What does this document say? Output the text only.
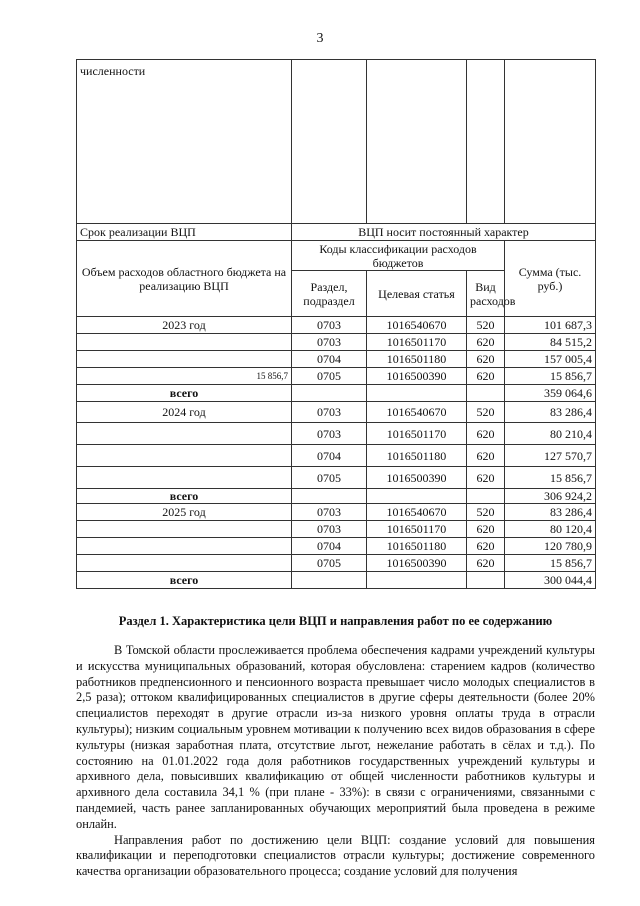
3
численности				
Срок реализации ВЦП	ВЦП носит постоянный характер			
Объем расходов областного бюджета на реализацию ВЦП	Коды классификации расходов бюджетов			Сумма (тыс. руб.)
	Раздел, подраздел	Целевая статья	Вид расходов	
2023 год	0703	1016540670	520	101 687,3
	0703	1016501170	620	84 515,2
	0704	1016501180	620	157 005,4
15 856,7	0705	1016500390	620	15 856,7
всего				359 064,6
2024 год	0703	1016540670	520	83 286,4
	0703	1016501170	620	80 210,4
	0704	1016501180	620	127 570,7
	0705	1016500390	620	15 856,7
всего				306 924,2
2025 год	0703	1016540670	520	83 286,4
	0703	1016501170	620	80 120,4
	0704	1016501180	620	120 780,9
	0705	1016500390	620	15 856,7
всего				300 044,4
Раздел 1. Характеристика цели ВЦП и направления работ по ее содержанию

В Томской области прослеживается проблема обеспечения кадрами учреждений культуры и искусства муниципальных образований, которая обусловлена: старением кадров (количество работников предпенсионного и пенсионного возраста превышает число молодых специалистов в 2,5 раза); оттоком квалифицированных специалистов в другие сферы деятельности (более 20% специалистов переходят в другие отрасли из-за низкого уровня оплаты труда в отрасли культуры); низким социальным уровнем мотивации к получению всех видов образования в сфере культуры (низкая заработная плата, отсутствие льгот, нежелание работать в сёлах и т.д.). По состоянию на 01.01.2022 года доля работников государственных учреждений культуры и архивного дела, повысивших квалификацию от общей численности работников культуры и архивного дела составила 34,1 % (при плане - 33%): в связи с ограничениями, связанными с пандемией, часть ранее запланированных обучающих мероприятий была проведена в режиме онлайн.

Направления работ по достижению цели ВЦП: создание условий для повышения квалификации и переподготовки специалистов отрасли культуры; достижение современного качества организации образовательного процесса; создание условий для получения
